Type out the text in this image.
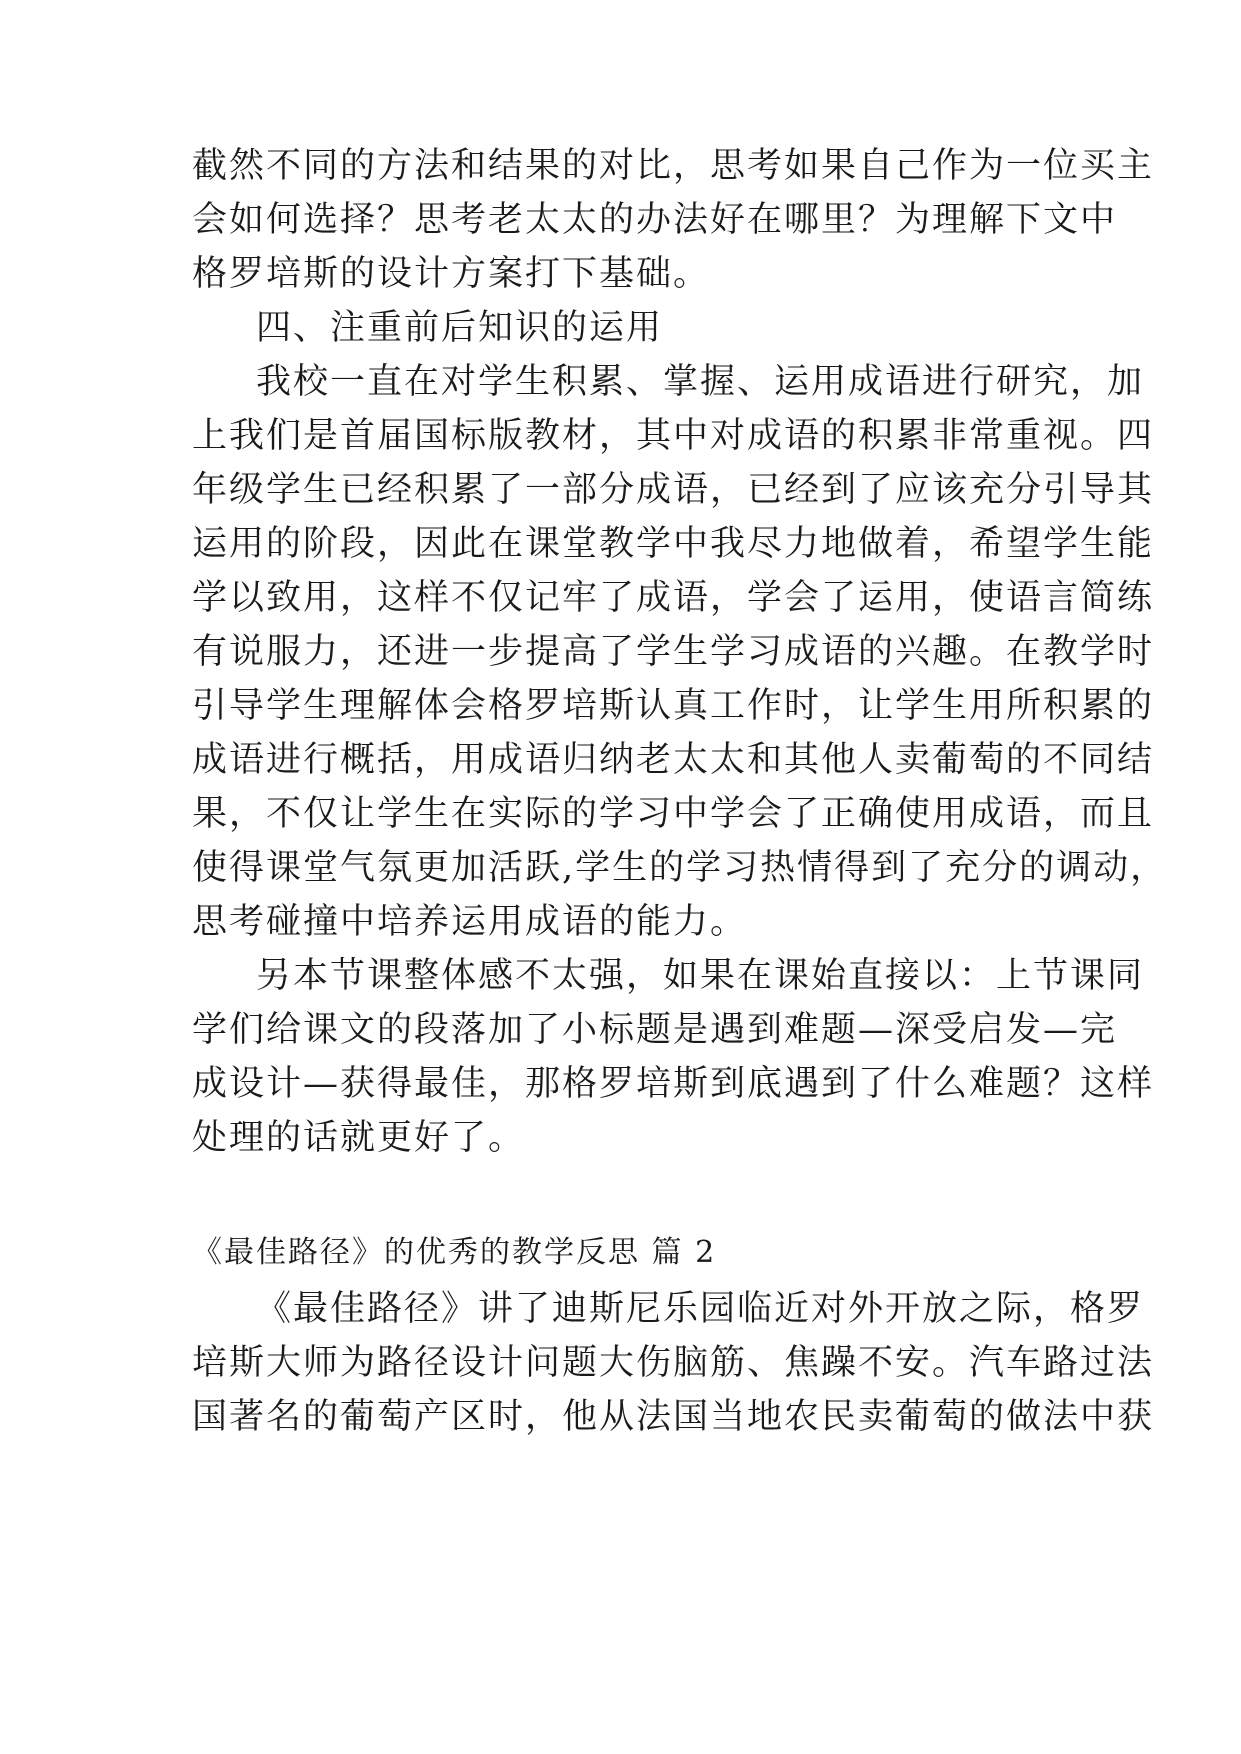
截然不同的方法和结果的对比，思考如果自己作为一位买主
会如何选择？思考老太太的办法好在哪里？为理解下文中
格罗培斯的设计方案打下基础。
四、注重前后知识的运用
我校一直在对学生积累、掌握、运用成语进行研究，加
上我们是首届国标版教材，其中对成语的积累非常重视。四
年级学生已经积累了一部分成语，已经到了应该充分引导其
运用的阶段，因此在课堂教学中我尽力地做着，希望学生能
学以致用，这样不仅记牢了成语，学会了运用，使语言简练
有说服力，还进一步提高了学生学习成语的兴趣。在教学时
引导学生理解体会格罗培斯认真工作时，让学生用所积累的
成语进行概括，用成语归纳老太太和其他人卖葡萄的不同结
果，不仅让学生在实际的学习中学会了正确使用成语，而且
使得课堂气氛更加活跃,学生的学习热情得到了充分的调动，
思考碰撞中培养运用成语的能力。
另本节课整体感不太强，如果在课始直接以：上节课同
学们给课文的段落加了小标题是遇到难题—深受启发—完
成设计—获得最佳，那格罗培斯到底遇到了什么难题？这样
处理的话就更好了。
《最佳路径》的优秀的教学反思 篇 2
《最佳路径》讲了迪斯尼乐园临近对外开放之际，格罗
培斯大师为路径设计问题大伤脑筋、焦躁不安。汽车路过法
国著名的葡萄产区时，他从法国当地农民卖葡萄的做法中获
